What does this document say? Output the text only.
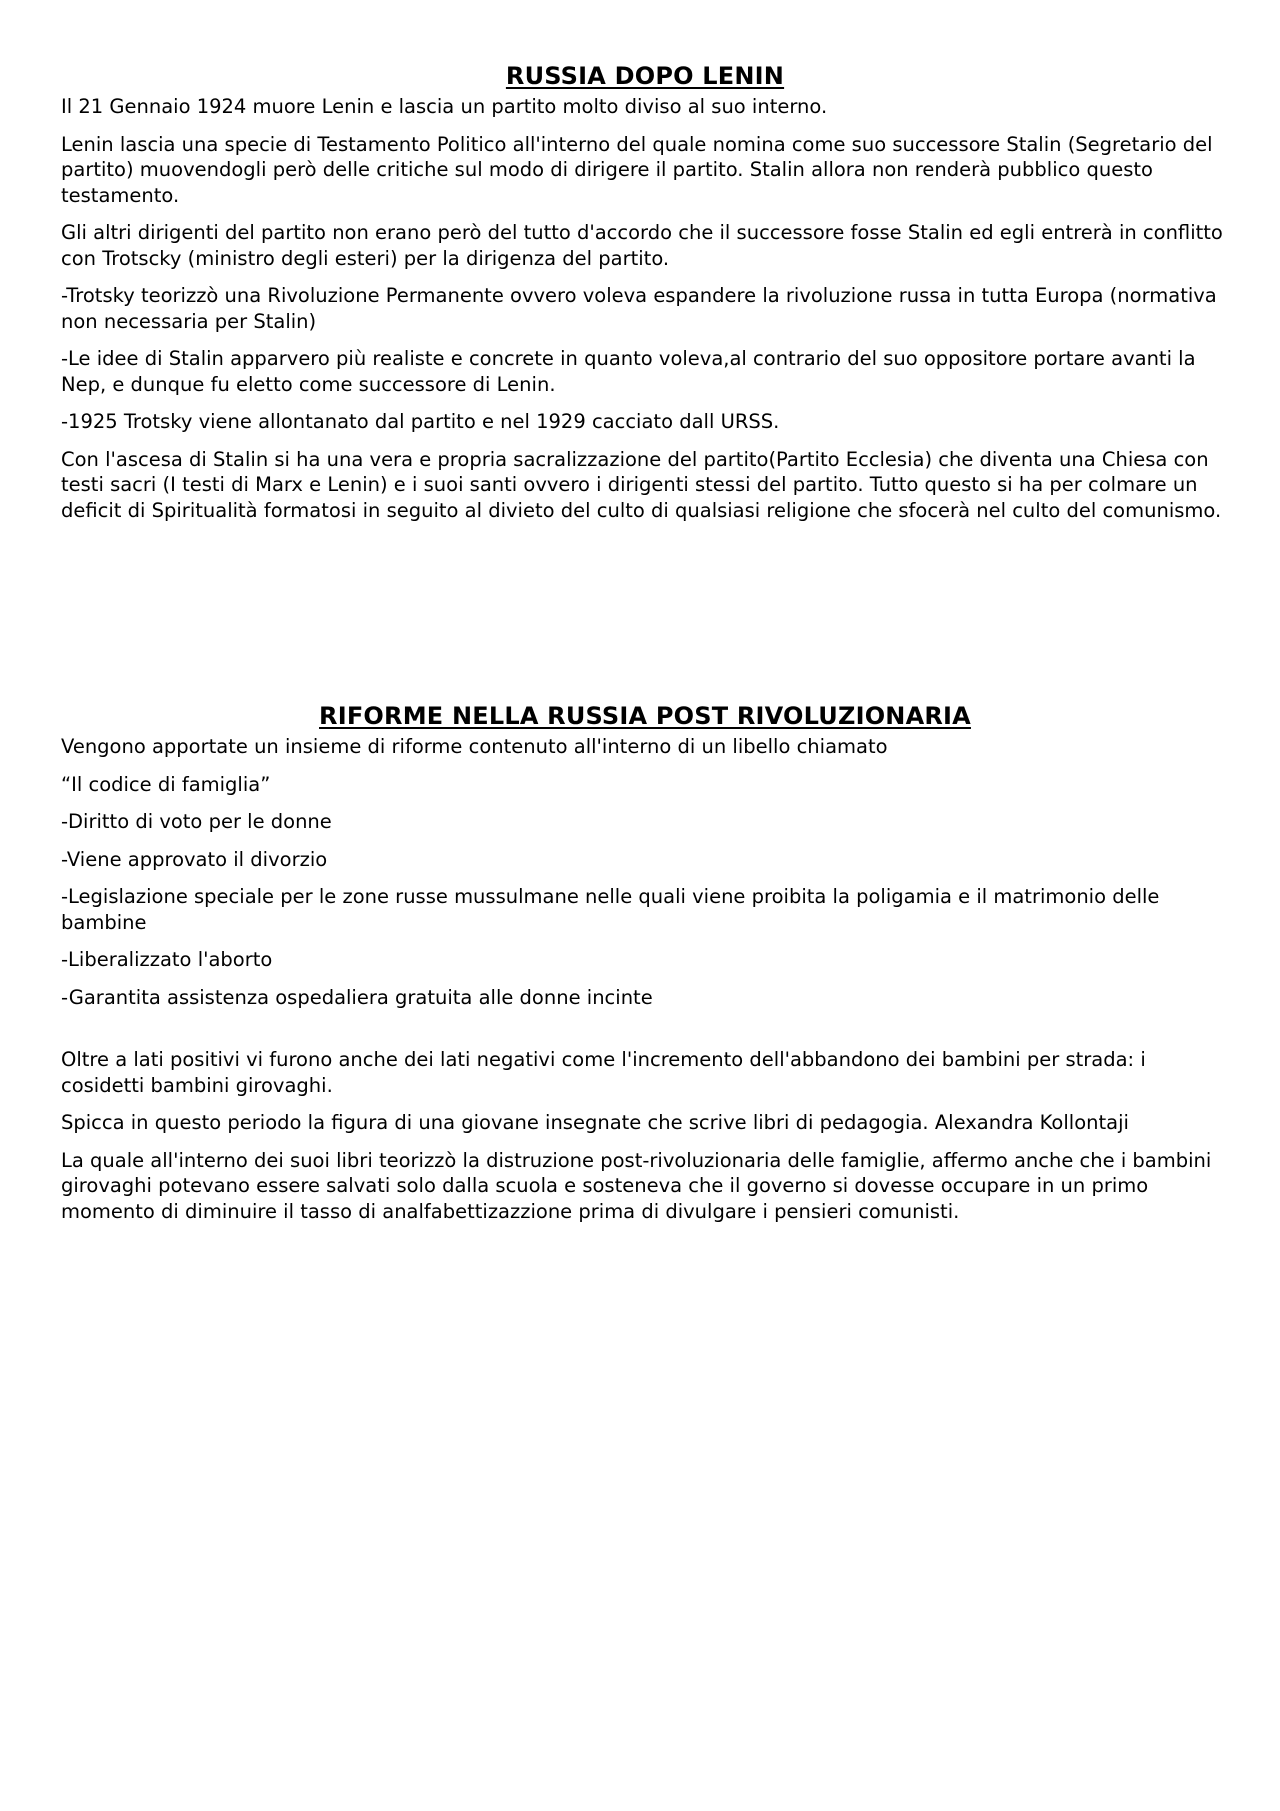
RUSSIA DOPO LENIN

Il 21 Gennaio 1924 muore Lenin e lascia un partito molto diviso al suo interno.

Lenin lascia una specie di Testamento Politico all'interno del quale nomina come suo successore Stalin (Segretario del partito) muovendogli però delle critiche sul modo di dirigere il partito. Stalin allora non renderà pubblico questo testamento.

Gli altri dirigenti del partito non erano però del tutto d'accordo che il successore fosse Stalin ed egli entrerà in conflitto con Trotscky (ministro degli esteri) per la dirigenza del partito.

-Trotsky teorizzò una Rivoluzione Permanente ovvero voleva espandere la rivoluzione russa in tutta Europa (normativa non necessaria per Stalin)

-Le idee di Stalin apparvero più realiste e concrete in quanto voleva,al contrario del suo oppositore portare avanti la Nep, e dunque fu eletto come successore di Lenin.

-1925 Trotsky viene allontanato dal partito e nel 1929 cacciato dall URSS.

Con l'ascesa di Stalin si ha una vera e propria sacralizzazione del partito(Partito Ecclesia) che diventa una Chiesa con testi sacri (I testi di Marx e Lenin) e i suoi santi ovvero i dirigenti stessi del partito. Tutto questo si ha per colmare un deficit di Spiritualità formatosi in seguito al divieto del culto di qualsiasi religione che sfocerà nel culto del comunismo.

RIFORME NELLA RUSSIA POST RIVOLUZIONARIA

Vengono apportate un insieme di riforme contenuto all'interno di un libello chiamato

“Il codice di famiglia”

-Diritto di voto per le donne

-Viene approvato il divorzio

-Legislazione speciale per le zone russe mussulmane nelle quali viene proibita la poligamia e il matrimonio delle bambine

-Liberalizzato l'aborto

-Garantita assistenza ospedaliera gratuita alle donne incinte

Oltre a lati positivi vi furono anche dei lati negativi come l'incremento dell'abbandono dei bambini per strada: i cosidetti bambini girovaghi.

Spicca in questo periodo la figura di una giovane insegnate che scrive libri di pedagogia. Alexandra Kollontaji

La quale all'interno dei suoi libri teorizzò la distruzione post-rivoluzionaria delle famiglie, affermo anche che i bambini girovaghi potevano essere salvati solo dalla scuola e sosteneva che il governo si dovesse occupare in un primo momento di diminuire il tasso di analfabettizazzione prima di divulgare i pensieri comunisti.
